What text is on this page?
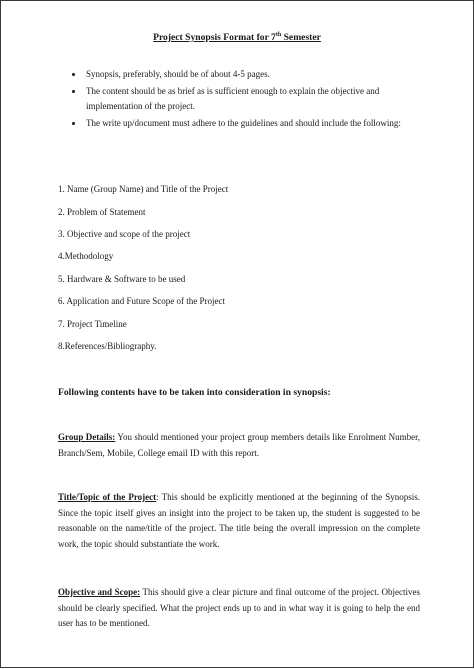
Project Synopsis Format for 7th Semester
Synopsis, preferably, should be of about 4-5 pages.
The content should be as brief as is sufficient enough to explain the objective and implementation of the project.
The write up/document must adhere to the guidelines and should include the following:
1. Name (Group Name) and Title of the Project
2. Problem of Statement
3. Objective and scope of the project
4.Methodology
5. Hardware & Software to be used
6. Application and Future Scope of the Project
7. Project Timeline
8.References/Bibliography.
Following contents have to be taken into consideration in synopsis:
Group Details: You should mentioned your project group members details like Enrolment Number, Branch/Sem, Mobile, College email ID with this report.
Title/Topic of the Project: This should be explicitly mentioned at the beginning of the Synopsis. Since the topic itself gives an insight into the project to be taken up, the student is suggested to be reasonable on the name/title of the project. The title being the overall impression on the complete work, the topic should substantiate the work.
Objective and Scope: This should give a clear picture and final outcome of the project. Objectives should be clearly specified. What the project ends up to and in what way it is going to help the end user has to be mentioned.
